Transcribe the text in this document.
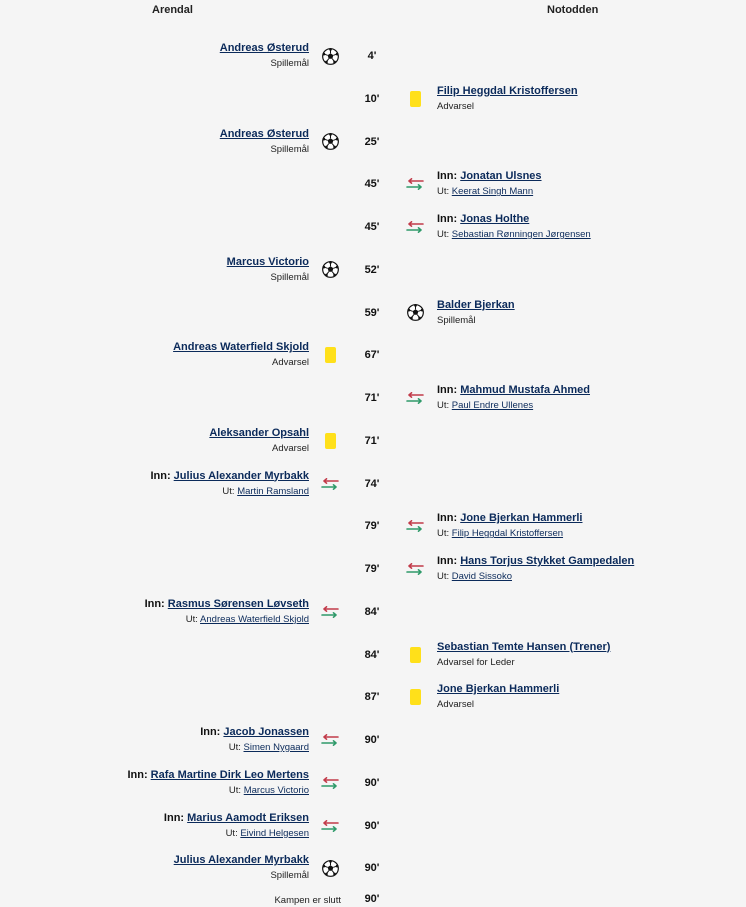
Arendal	Notodden
4'
Andreas Østerud
Spillemål
10'
Filip Heggdal Kristoffersen
Advarsel
25'
Andreas Østerud
Spillemål
45'
Inn: Jonatan Ulsnes
Ut: Keerat Singh Mann
45'
Inn: Jonas Holthe
Ut: Sebastian Rønningen Jørgensen
52'
Marcus Victorio
Spillemål
59'
Balder Bjerkan
Spillemål
67'
Andreas Waterfield Skjold
Advarsel
71'
Inn: Mahmud Mustafa Ahmed
Ut: Paul Endre Ullenes
71'
Aleksander Opsahl
Advarsel
74'
Inn: Julius Alexander Myrbakk
Ut: Martin Ramsland
79'
Inn: Jone Bjerkan Hammerli
Ut: Filip Heggdal Kristoffersen
79'
Inn: Hans Torjus Stykket Gampedalen
Ut: David Sissoko
84'
Inn: Rasmus Sørensen Løvseth
Ut: Andreas Waterfield Skjold
84'
Sebastian Temte Hansen (Trener)
Advarsel for Leder
87'
Jone Bjerkan Hammerli
Advarsel
90'
Inn: Jacob Jonassen
Ut: Simen Nygaard
90'
Inn: Rafa Martine Dirk Leo Mertens
Ut: Marcus Victorio
90'
Inn: Marius Aamodt Eriksen
Ut: Eivind Helgesen
90'
Julius Alexander Myrbakk
Spillemål
Kampen er slutt	90'
